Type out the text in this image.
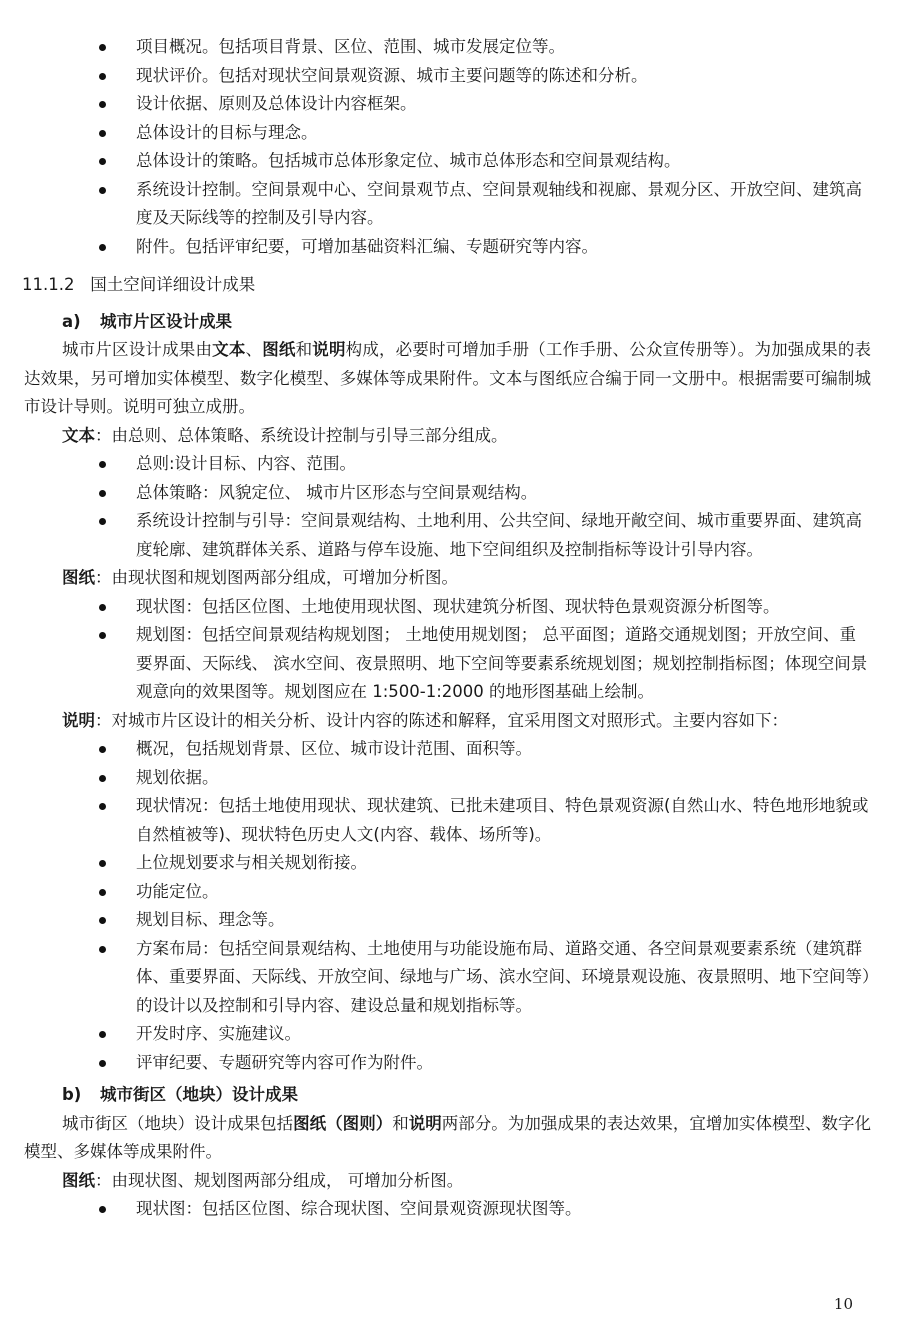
项目概况。包括项目背景、区位、范围、城市发展定位等。
现状评价。包括对现状空间景观资源、城市主要问题等的陈述和分析。
设计依据、原则及总体设计内容框架。
总体设计的目标与理念。
总体设计的策略。包括城市总体形象定位、城市总体形态和空间景观结构。
系统设计控制。空间景观中心、空间景观节点、空间景观轴线和视廊、景观分区、开放空间、建筑高度及天际线等的控制及引导内容。
附件。包括评审纪要，可增加基础资料汇编、专题研究等内容。
11.1.2 国土空间详细设计成果
a) 城市片区设计成果
城市片区设计成果由文本、图纸和说明构成，必要时可增加手册（工作手册、公众宣传册等）。为加强成果的表达效果，另可增加实体模型、数字化模型、多媒体等成果附件。文本与图纸应合编于同一文册中。根据需要可编制城市设计导则。说明可独立成册。
文本：由总则、总体策略、系统设计控制与引导三部分组成。
总则:设计目标、内容、范围。
总体策略：风貌定位、 城市片区形态与空间景观结构。
系统设计控制与引导：空间景观结构、土地利用、公共空间、绿地开敞空间、城市重要界面、建筑高度轮廓、建筑群体关系、道路与停车设施、地下空间组织及控制指标等设计引导内容。
图纸：由现状图和规划图两部分组成，可增加分析图。
现状图：包括区位图、土地使用现状图、现状建筑分析图、现状特色景观资源分析图等。
规划图：包括空间景观结构规划图； 土地使用规划图； 总平面图；道路交通规划图；开放空间、重要界面、天际线、 滨水空间、夜景照明、地下空间等要素系统规划图；规划控制指标图；体现空间景观意向的效果图等。规划图应在 1:500-1:2000 的地形图基础上绘制。
说明：对城市片区设计的相关分析、设计内容的陈述和解释，宜采用图文对照形式。主要内容如下：
概况，包括规划背景、区位、城市设计范围、面积等。
规划依据。
现状情况：包括土地使用现状、现状建筑、已批未建项目、特色景观资源(自然山水、特色地形地貌或自然植被等)、现状特色历史人文(内容、载体、场所等)。
上位规划要求与相关规划衔接。
功能定位。
规划目标、理念等。
方案布局：包括空间景观结构、土地使用与功能设施布局、道路交通、各空间景观要素系统（建筑群体、重要界面、天际线、开放空间、绿地与广场、滨水空间、环境景观设施、夜景照明、地下空间等）的设计以及控制和引导内容、建设总量和规划指标等。
开发时序、实施建议。
评审纪要、专题研究等内容可作为附件。
b) 城市街区（地块）设计成果
城市街区（地块）设计成果包括图纸（图则）和说明两部分。为加强成果的表达效果，宜增加实体模型、数字化模型、多媒体等成果附件。
图纸：由现状图、规划图两部分组成， 可增加分析图。
现状图：包括区位图、综合现状图、空间景观资源现状图等。
10
